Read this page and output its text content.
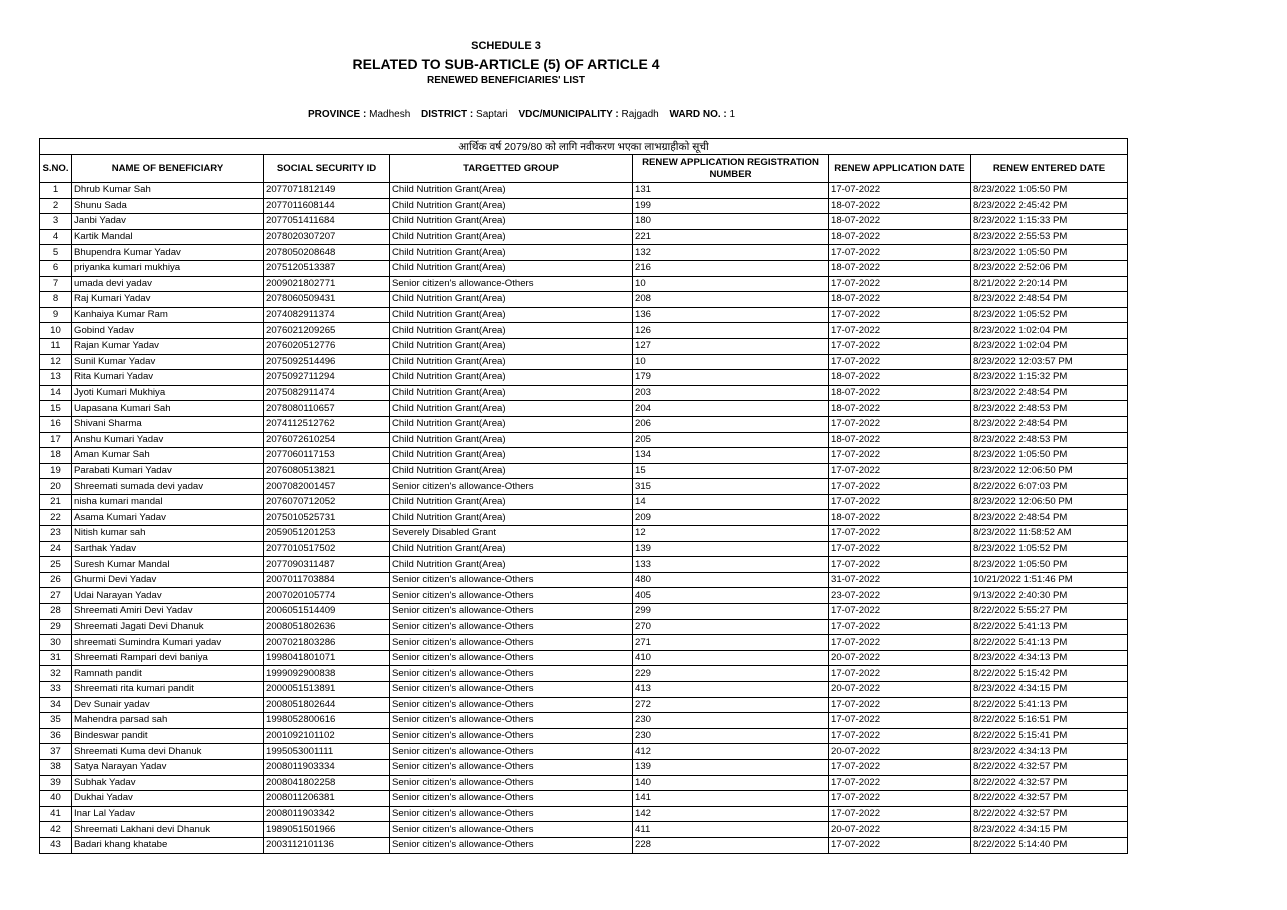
SCHEDULE 3
RELATED TO SUB-ARTICLE (5) OF ARTICLE 4
RENEWED BENEFICIARIES' LIST
PROVINCE : Madhesh DISTRICT : Saptari VDC/MUNICIPALITY : Rajgadh WARD NO. : 1
आर्थिक वर्ष 2079/80 को लागि नवीकरण भएका लाभग्राहीको सूची						
S.NO.	NAME OF BENEFICIARY	SOCIAL SECURITY ID	TARGETTED GROUP	RENEW APPLICATION REGISTRATION NUMBER	RENEW APPLICATION DATE	RENEW ENTERED DATE
1	Dhrub Kumar Sah	2077071812149	Child Nutrition Grant(Area)	131	17-07-2022	8/23/2022 1:05:50 PM
2	Shunu Sada	2077011608144	Child Nutrition Grant(Area)	199	18-07-2022	8/23/2022 2:45:42 PM
3	Janbi Yadav	2077051411684	Child Nutrition Grant(Area)	180	18-07-2022	8/23/2022 1:15:33 PM
4	Kartik Mandal	2078020307207	Child Nutrition Grant(Area)	221	18-07-2022	8/23/2022 2:55:53 PM
5	Bhupendra Kumar Yadav	2078050208648	Child Nutrition Grant(Area)	132	17-07-2022	8/23/2022 1:05:50 PM
6	priyanka kumari mukhiya	2075120513387	Child Nutrition Grant(Area)	216	18-07-2022	8/23/2022 2:52:06 PM
7	umada devi yadav	2009021802771	Senior citizen's allowance-Others	10	17-07-2022	8/21/2022 2:20:14 PM
8	Raj Kumari Yadav	2078060509431	Child Nutrition Grant(Area)	208	18-07-2022	8/23/2022 2:48:54 PM
9	Kanhaiya Kumar Ram	2074082911374	Child Nutrition Grant(Area)	136	17-07-2022	8/23/2022 1:05:52 PM
10	Gobind Yadav	2076021209265	Child Nutrition Grant(Area)	126	17-07-2022	8/23/2022 1:02:04 PM
11	Rajan Kumar Yadav	2076020512776	Child Nutrition Grant(Area)	127	17-07-2022	8/23/2022 1:02:04 PM
12	Sunil Kumar Yadav	2075092514496	Child Nutrition Grant(Area)	10	17-07-2022	8/23/2022 12:03:57 PM
13	Rita Kumari Yadav	2075092711294	Child Nutrition Grant(Area)	179	18-07-2022	8/23/2022 1:15:32 PM
14	Jyoti Kumari Mukhiya	2075082911474	Child Nutrition Grant(Area)	203	18-07-2022	8/23/2022 2:48:54 PM
15	Uapasana Kumari Sah	2078080110657	Child Nutrition Grant(Area)	204	18-07-2022	8/23/2022 2:48:53 PM
16	Shivani Sharma	2074112512762	Child Nutrition Grant(Area)	206	17-07-2022	8/23/2022 2:48:54 PM
17	Anshu Kumari Yadav	2076072610254	Child Nutrition Grant(Area)	205	18-07-2022	8/23/2022 2:48:53 PM
18	Aman Kumar Sah	2077060117153	Child Nutrition Grant(Area)	134	17-07-2022	8/23/2022 1:05:50 PM
19	Parabati Kumari Yadav	2076080513821	Child Nutrition Grant(Area)	15	17-07-2022	8/23/2022 12:06:50 PM
20	Shreemati sumada devi yadav	2007082001457	Senior citizen's allowance-Others	315	17-07-2022	8/22/2022 6:07:03 PM
21	nisha kumari mandal	2076070712052	Child Nutrition Grant(Area)	14	17-07-2022	8/23/2022 12:06:50 PM
22	Asama Kumari Yadav	2075010525731	Child Nutrition Grant(Area)	209	18-07-2022	8/23/2022 2:48:54 PM
23	Nitish kumar sah	2059051201253	Severely Disabled Grant	12	17-07-2022	8/23/2022 11:58:52 AM
24	Sarthak Yadav	2077010517502	Child Nutrition Grant(Area)	139	17-07-2022	8/23/2022 1:05:52 PM
25	Suresh Kumar Mandal	2077090311487	Child Nutrition Grant(Area)	133	17-07-2022	8/23/2022 1:05:50 PM
26	Ghurmi Devi Yadav	2007011703884	Senior citizen's allowance-Others	480	31-07-2022	10/21/2022 1:51:46 PM
27	Udai Narayan Yadav	2007020105774	Senior citizen's allowance-Others	405	23-07-2022	9/13/2022 2:40:30 PM
28	Shreemati Amiri Devi Yadav	2006051514409	Senior citizen's allowance-Others	299	17-07-2022	8/22/2022 5:55:27 PM
29	Shreemati Jagati Devi Dhanuk	2008051802636	Senior citizen's allowance-Others	270	17-07-2022	8/22/2022 5:41:13 PM
30	shreemati Sumindra Kumari yadav	2007021803286	Senior citizen's allowance-Others	271	17-07-2022	8/22/2022 5:41:13 PM
31	Shreemati Rampari devi baniya	1998041801071	Senior citizen's allowance-Others	410	20-07-2022	8/23/2022 4:34:13 PM
32	Ramnath pandit	1999092900838	Senior citizen's allowance-Others	229	17-07-2022	8/22/2022 5:15:42 PM
33	Shreemati rita kumari pandit	2000051513891	Senior citizen's allowance-Others	413	20-07-2022	8/23/2022 4:34:15 PM
34	Dev Sunair yadav	2008051802644	Senior citizen's allowance-Others	272	17-07-2022	8/22/2022 5:41:13 PM
35	Mahendra parsad sah	1998052800616	Senior citizen's allowance-Others	230	17-07-2022	8/22/2022 5:16:51 PM
36	Bindeswar pandit	2001092101102	Senior citizen's allowance-Others	230	17-07-2022	8/22/2022 5:15:41 PM
37	Shreemati Kuma devi Dhanuk	1995053001111	Senior citizen's allowance-Others	412	20-07-2022	8/23/2022 4:34:13 PM
38	Satya Narayan Yadav	2008011903334	Senior citizen's allowance-Others	139	17-07-2022	8/22/2022 4:32:57 PM
39	Subhak Yadav	2008041802258	Senior citizen's allowance-Others	140	17-07-2022	8/22/2022 4:32:57 PM
40	Dukhai Yadav	2008011206381	Senior citizen's allowance-Others	141	17-07-2022	8/22/2022 4:32:57 PM
41	Inar Lal Yadav	2008011903342	Senior citizen's allowance-Others	142	17-07-2022	8/22/2022 4:32:57 PM
42	Shreemati Lakhani devi Dhanuk	1989051501966	Senior citizen's allowance-Others	411	20-07-2022	8/23/2022 4:34:15 PM
43	Badari khang khatabe	2003112101136	Senior citizen's allowance-Others	228	17-07-2022	8/22/2022 5:14:40 PM
